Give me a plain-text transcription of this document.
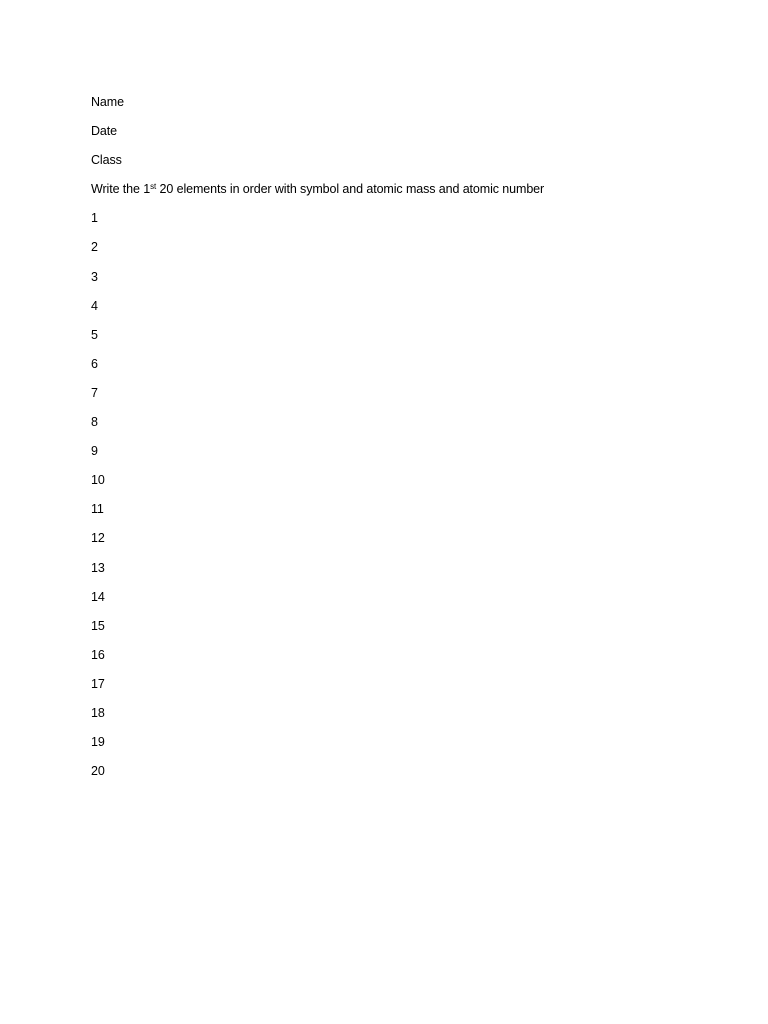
Name
Date
Class
Write the 1st 20 elements in order with symbol and atomic mass and atomic number
1
2
3
4
5
6
7
8
9
10
11
12
13
14
15
16
17
18
19
20
